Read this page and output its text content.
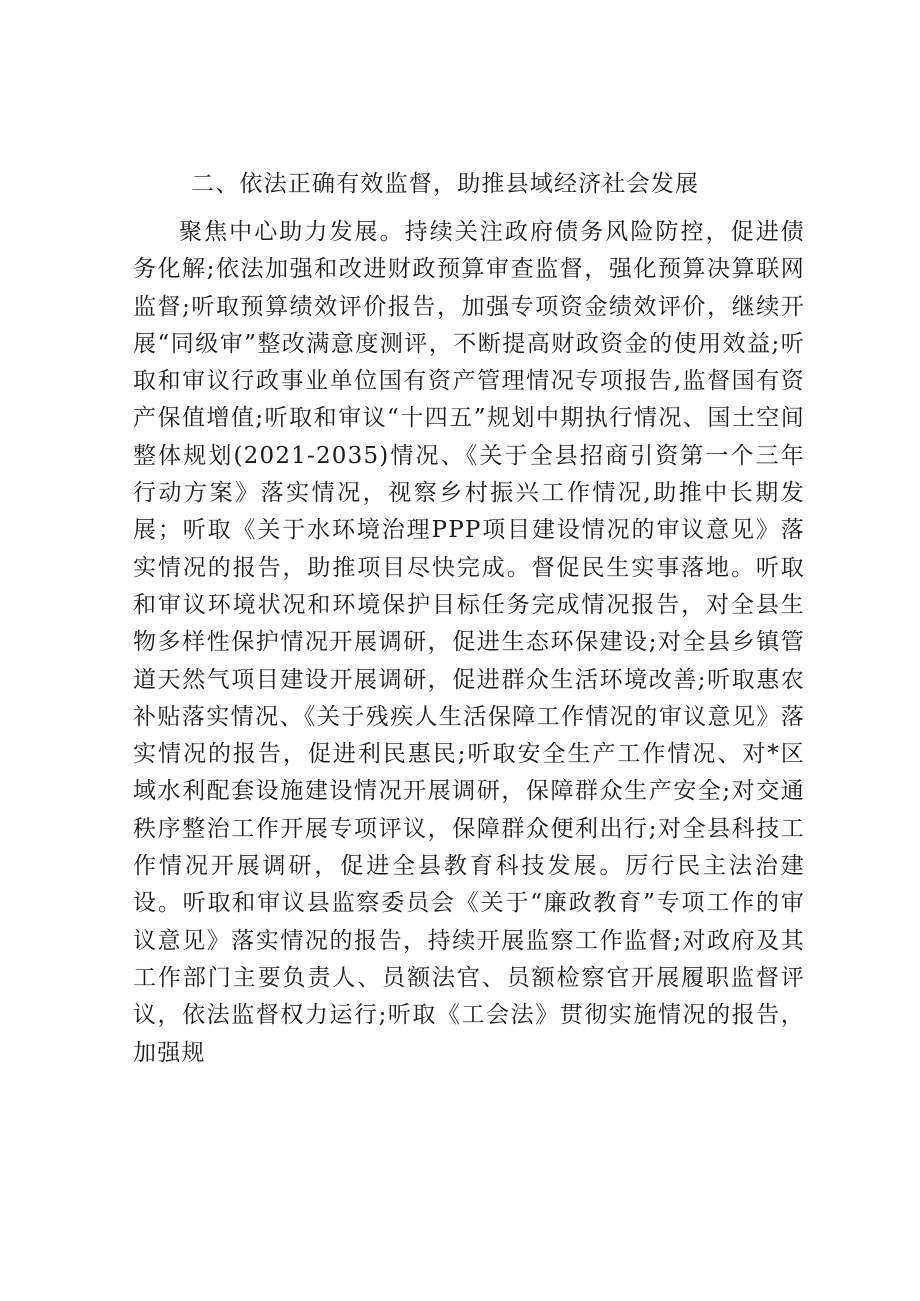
二、依法正确有效监督，助推县域经济社会发展

聚焦中心助力发展。持续关注政府债务风险防控，促进债务化解;依法加强和改进财政预算审查监督，强化预算决算联网监督;听取预算绩效评价报告，加强专项资金绩效评价，继续开展“同级审”整改满意度测评，不断提高财政资金的使用效益;听取和审议行政事业单位国有资产管理情况专项报告,监督国有资产保值增值;听取和审议“十四五”规划中期执行情况、国土空间整体规划(2021-2035)情况、《关于全县招商引资第一个三年行动方案》落实情况，视察乡村振兴工作情况,助推中长期发展；听取《关于水环境治理PPP项目建设情况的审议意见》落实情况的报告，助推项目尽快完成。督促民生实事落地。听取和审议环境状况和环境保护目标任务完成情况报告，对全县生物多样性保护情况开展调研，促进生态环保建设;对全县乡镇管道天然气项目建设开展调研，促进群众生活环境改善;听取惠农补贴落实情况、《关于残疾人生活保障工作情况的审议意见》落实情况的报告，促进利民惠民;听取安全生产工作情况、对*区域水利配套设施建设情况开展调研，保障群众生产安全;对交通秩序整治工作开展专项评议，保障群众便利出行;对全县科技工作情况开展调研，促进全县教育科技发展。厉行民主法治建设。听取和审议县监察委员会《关于“廉政教育”专项工作的审议意见》落实情况的报告，持续开展监察工作监督;对政府及其工作部门主要负责人、员额法官、员额检察官开展履职监督评议，依法监督权力运行;听取《工会法》贯彻实施情况的报告，加强规
